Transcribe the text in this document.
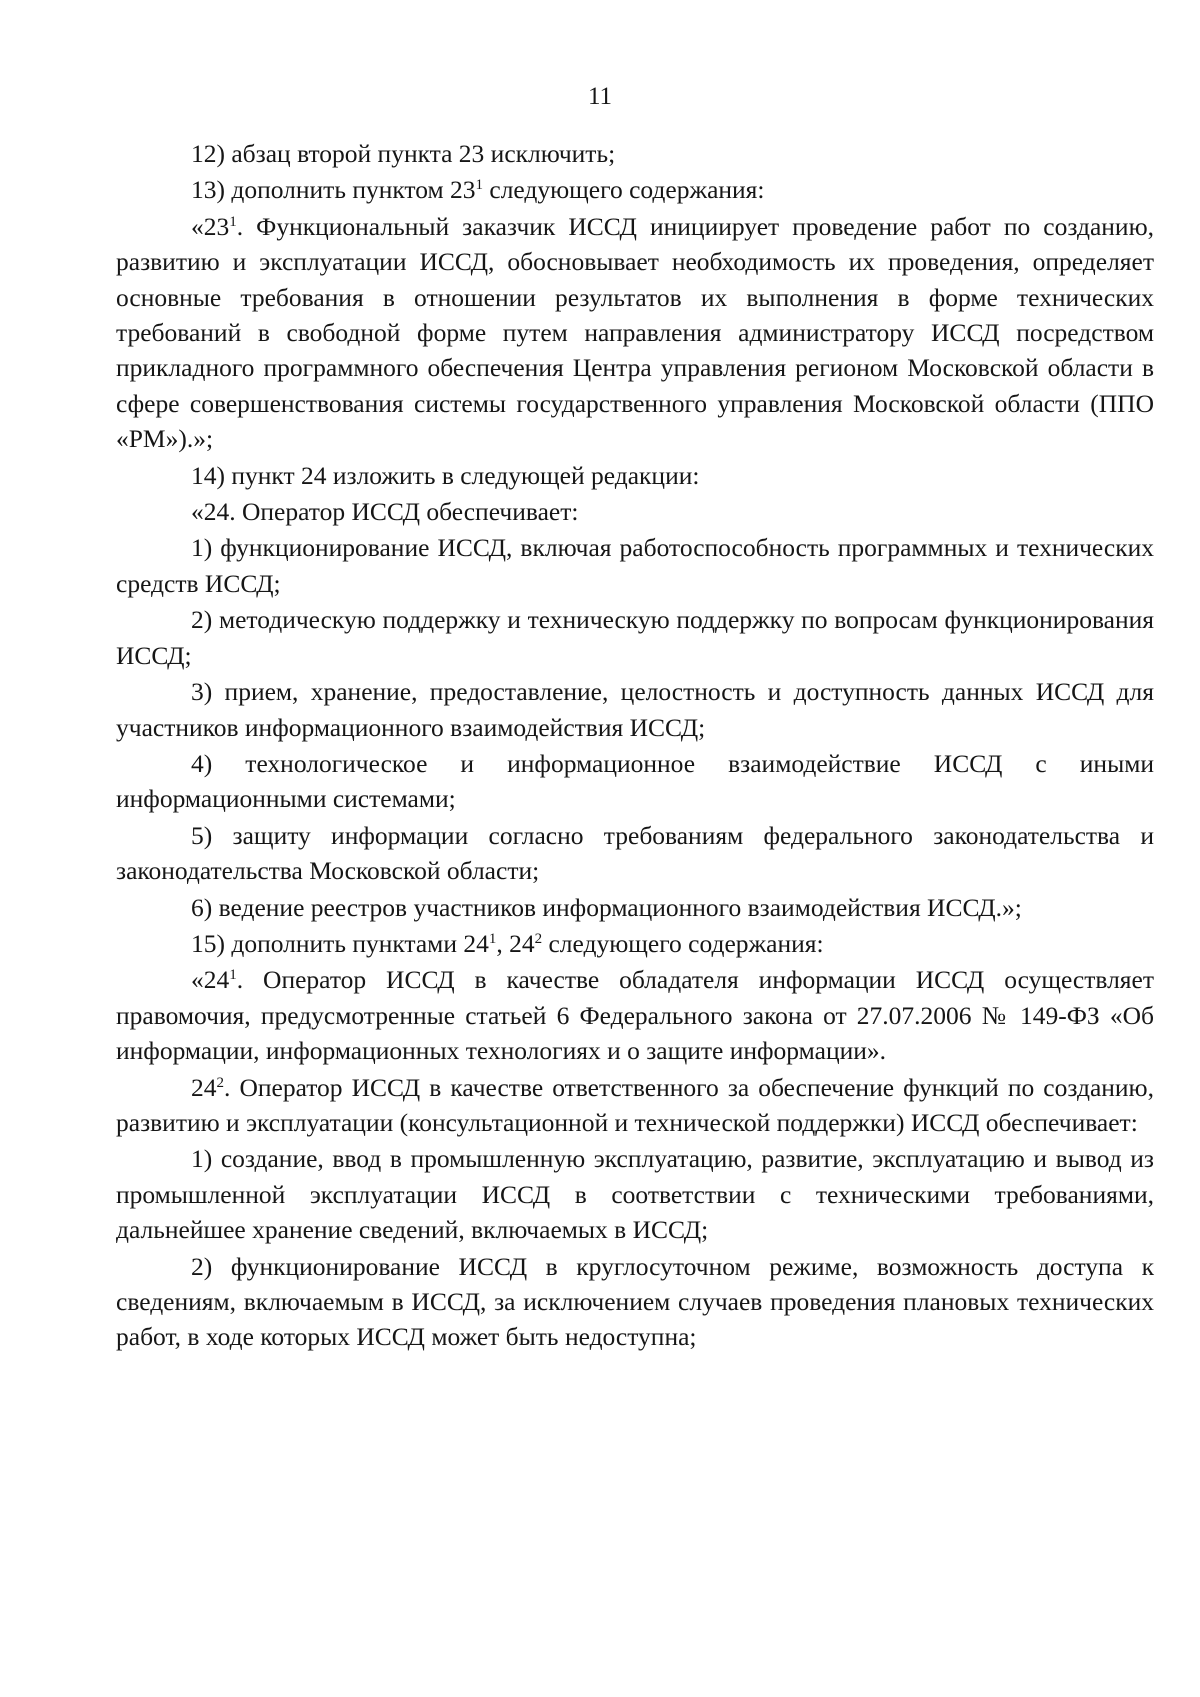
11

12) абзац второй пункта 23 исключить;

13) дополнить пунктом $23^1$ следующего содержания:

«$23^1$. Функциональный заказчик ИССД инициирует проведение работ по созданию, развитию и эксплуатации ИССД, обосновывает необходимость их проведения, определяет основные требования в отношении результатов их выполнения в форме технических требований в свободной форме путем направления администратору ИССД посредством прикладного программного обеспечения Центра управления регионом Московской области в сфере совершенствования системы государственного управления Московской области (ППО «РМ»).»;

14) пункт 24 изложить в следующей редакции:

«24. Оператор ИССД обеспечивает:

1) функционирование ИССД, включая работоспособность программных и технических средств ИССД;

2) методическую поддержку и техническую поддержку по вопросам функционирования ИССД;

3) прием, хранение, предоставление, целостность и доступность данных ИССД для участников информационного взаимодействия ИССД;

4) технологическое и информационное взаимодействие ИССД с иными информационными системами;

5) защиту информации согласно требованиям федерального законодательства и законодательства Московской области;

6) ведение реестров участников информационного взаимодействия ИССД.»;

15) дополнить пунктами $24^1$, $24^2$ следующего содержания:

«$24^1$. Оператор ИССД в качестве обладателя информации ИССД осуществляет правомочия, предусмотренные статьей 6 Федерального закона от 27.07.2006 № 149-ФЗ «Об информации, информационных технологиях и о защите информации».

$24^2$. Оператор ИССД в качестве ответственного за обеспечение функций по созданию, развитию и эксплуатации (консультационной и технической поддержки) ИССД обеспечивает:

1) создание, ввод в промышленную эксплуатацию, развитие, эксплуатацию и вывод из промышленной эксплуатации ИССД в соответствии с техническими требованиями, дальнейшее хранение сведений, включаемых в ИССД;

2) функционирование ИССД в круглосуточном режиме, возможность доступа к сведениям, включаемым в ИССД, за исключением случаев проведения плановых технических работ, в ходе которых ИССД может быть недоступна;
